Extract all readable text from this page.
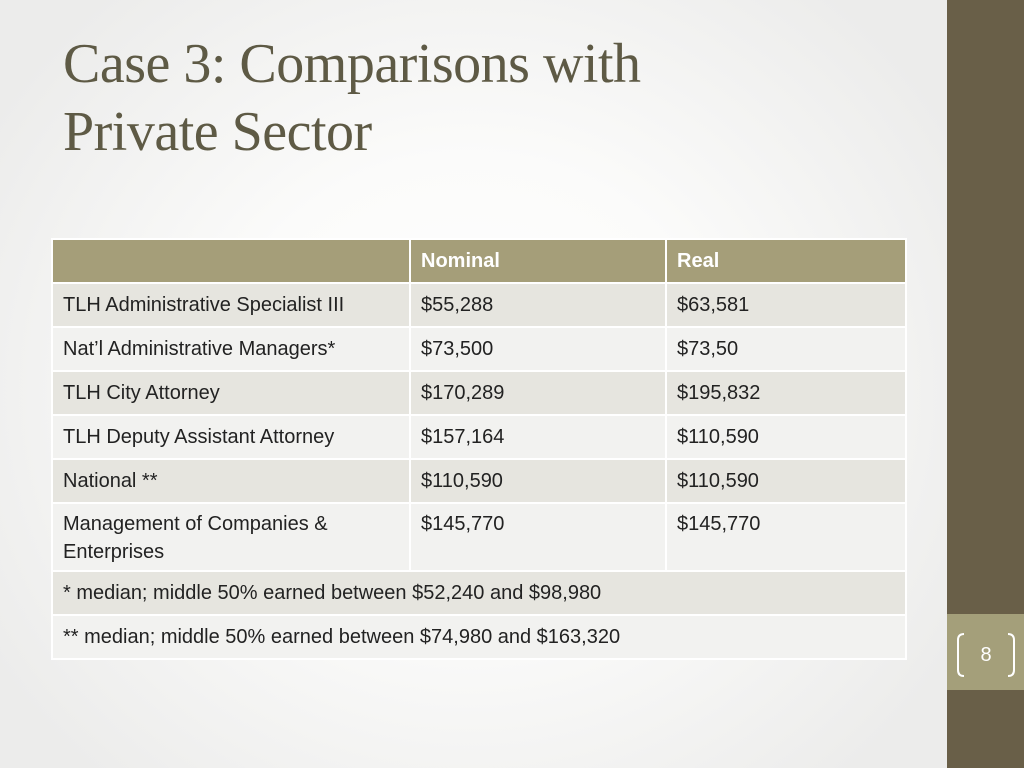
8
Case 3: Comparisons with
Private Sector
	Nominal	Real
TLH Administrative Specialist III	$55,288	$63,581
Nat’l Administrative Managers*	$73,500	$73,50
TLH City Attorney	$170,289	$195,832
TLH Deputy Assistant Attorney	$157,164	$110,590
National **	$110,590	$110,590
Management of Companies & Enterprises	$145,770	$145,770
* median; middle 50% earned between $52,240 and $98,980		
** median; middle 50% earned between $74,980 and $163,320		
